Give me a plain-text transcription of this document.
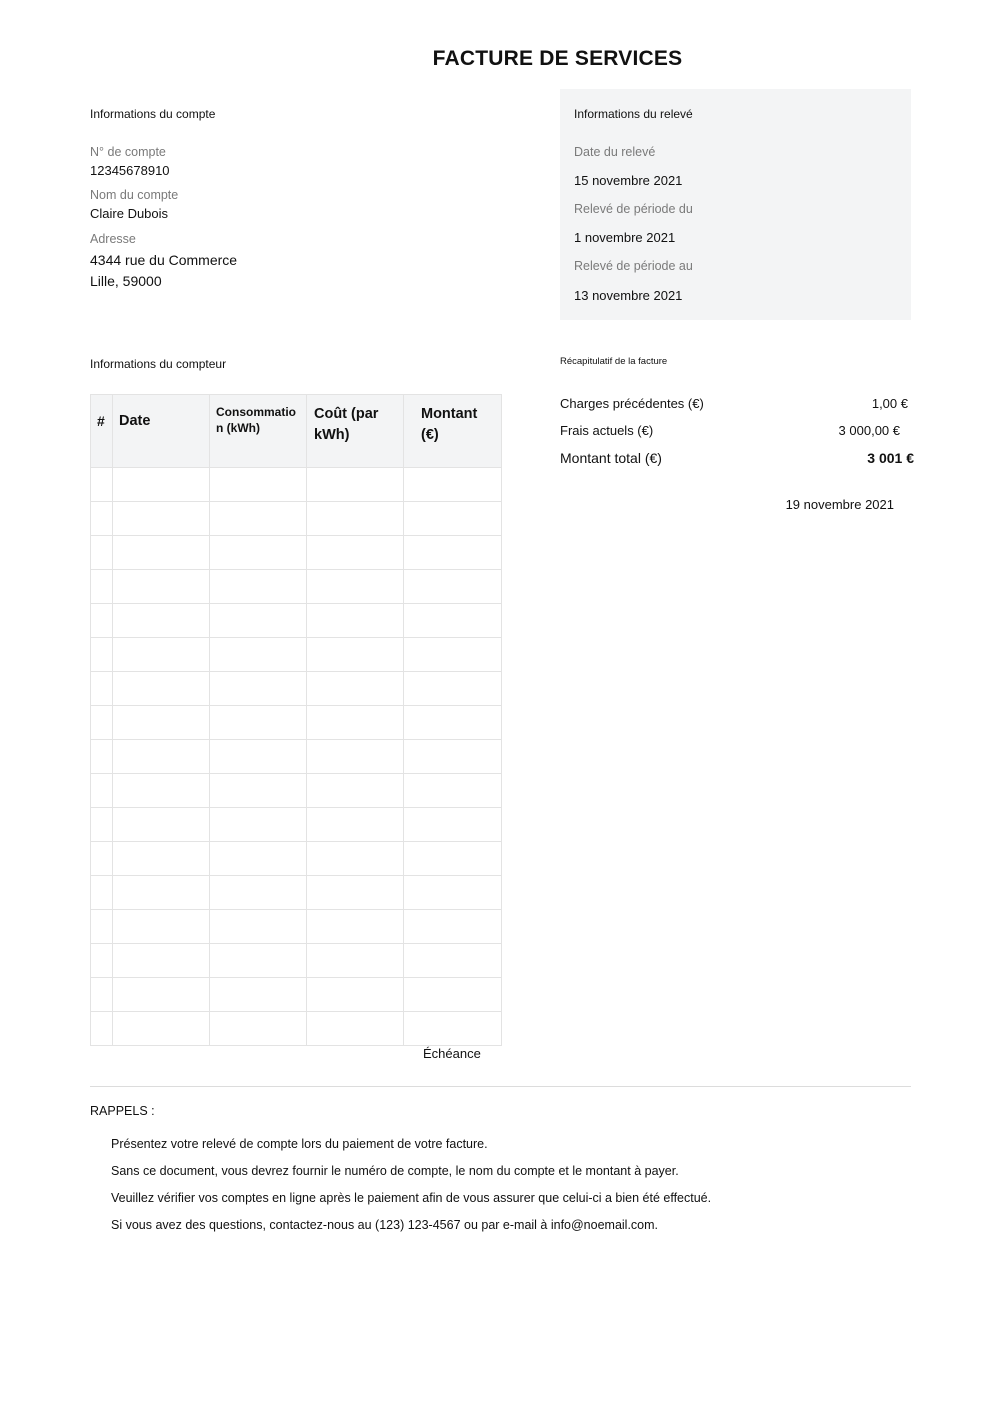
FACTURE DE SERVICES
Informations du compte
N° de compte
12345678910
Nom du compte
Claire Dubois
Adresse
4344 rue du Commerce
Lille, 59000
Informations du relevé
Date du relevé
15 novembre 2021
Relevé de période du
1 novembre 2021
Relevé de période au
13 novembre 2021
Informations du compteur
#	Date	Consommation (kWh)	Coût (par kWh)	Montant (€)

Récapitulatif de la facture
Charges précédentes (€)	1,00 €
Frais actuels (€)	3 000,00 €
Montant total (€)	3 001 €
19 novembre 2021
Échéance
RAPPELS :
Présentez votre relevé de compte lors du paiement de votre facture.
Sans ce document, vous devrez fournir le numéro de compte, le nom du compte et le montant à payer.
Veuillez vérifier vos comptes en ligne après le paiement afin de vous assurer que celui-ci a bien été effectué.
Si vous avez des questions, contactez-nous au (123) 123-4567 ou par e-mail à info@noemail.com.
